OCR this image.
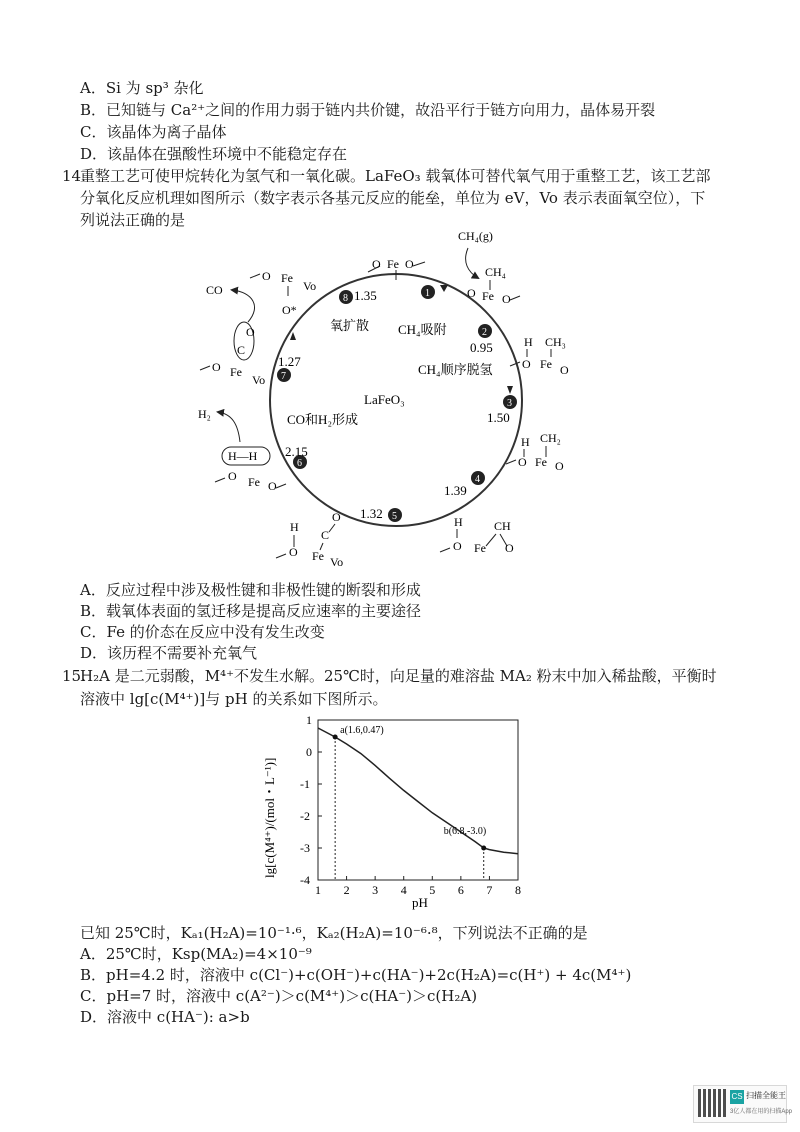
A．Si 为 sp³ 杂化
B．已知链与 Ca²⁺之间的作用力弱于链内共价键，故沿平行于链方向用力，晶体易开裂
C．该晶体为离子晶体
D．该晶体在强酸性环境中不能稳定存在
14.
重整工艺可使甲烷转化为氢气和一氧化碳。LaFeO₃ 载氧体可替代氧气用于重整工艺，该工艺部
分氧化反应机理如图所示（数字表示各基元反应的能垒，单位为 eV，Vo 表示表面氧空位），下
列说法正确的是
氧扩散 CH₄吸附
CH₄顺序脱氢
LaFeO₃
CO和H₂形成
1
2
3
4
5
6
7
8
0.95
1.50
1.39
1.32
2.15
1.27
1.35
O Fe O
CH₄(g)
CH₄
O Fe O
H CH₃
O Fe O
H CH₂
O Fe O
H	CH
O Fe O
O
C
H
O Fe Vo
H—H
O Fe O
H₂
O
C
O Fe
Vo
CO
O Fe
Vo
O*
A．反应过程中涉及极性键和非极性键的断裂和形成
B．载氧体表面的氢迁移是提高反应速率的主要途径
C．Fe 的价态在反应中没有发生改变
D．该历程不需要补充氧气
15.
H₂A 是二元弱酸，M⁴⁺不发生水解。25℃时，向足量的难溶盐 MA₂ 粉末中加入稀盐酸，平衡时
溶液中 lg[c(M⁴⁺)]与 pH 的关系如下图所示。
1 2 3 4 5 6 7 8
1
0
-1
-2
-3
-4
a(1.6,0.47)
b(6.8,-3.0)
pH
lg[c(M⁴⁺)/(mol・L⁻¹)]
已知 25℃时，Kₐ₁(H₂A)=10⁻¹·⁶，Kₐ₂(H₂A)=10⁻⁶·⁸，下列说法不正确的是
A．25℃时，Ksp(MA₂)=4×10⁻⁹
B．pH=4.2 时，溶液中 c(Cl⁻)+c(OH⁻)+c(HA⁻)+2c(H₂A)=c(H⁺) + 4c(M⁴⁺)
C．pH=7 时，溶液中 c(A²⁻)＞c(M⁴⁺)＞c(HA⁻)＞c(H₂A)
D．溶液中 c(HA⁻): a>b
CS 扫描全能王
3亿人都在用的扫描App
